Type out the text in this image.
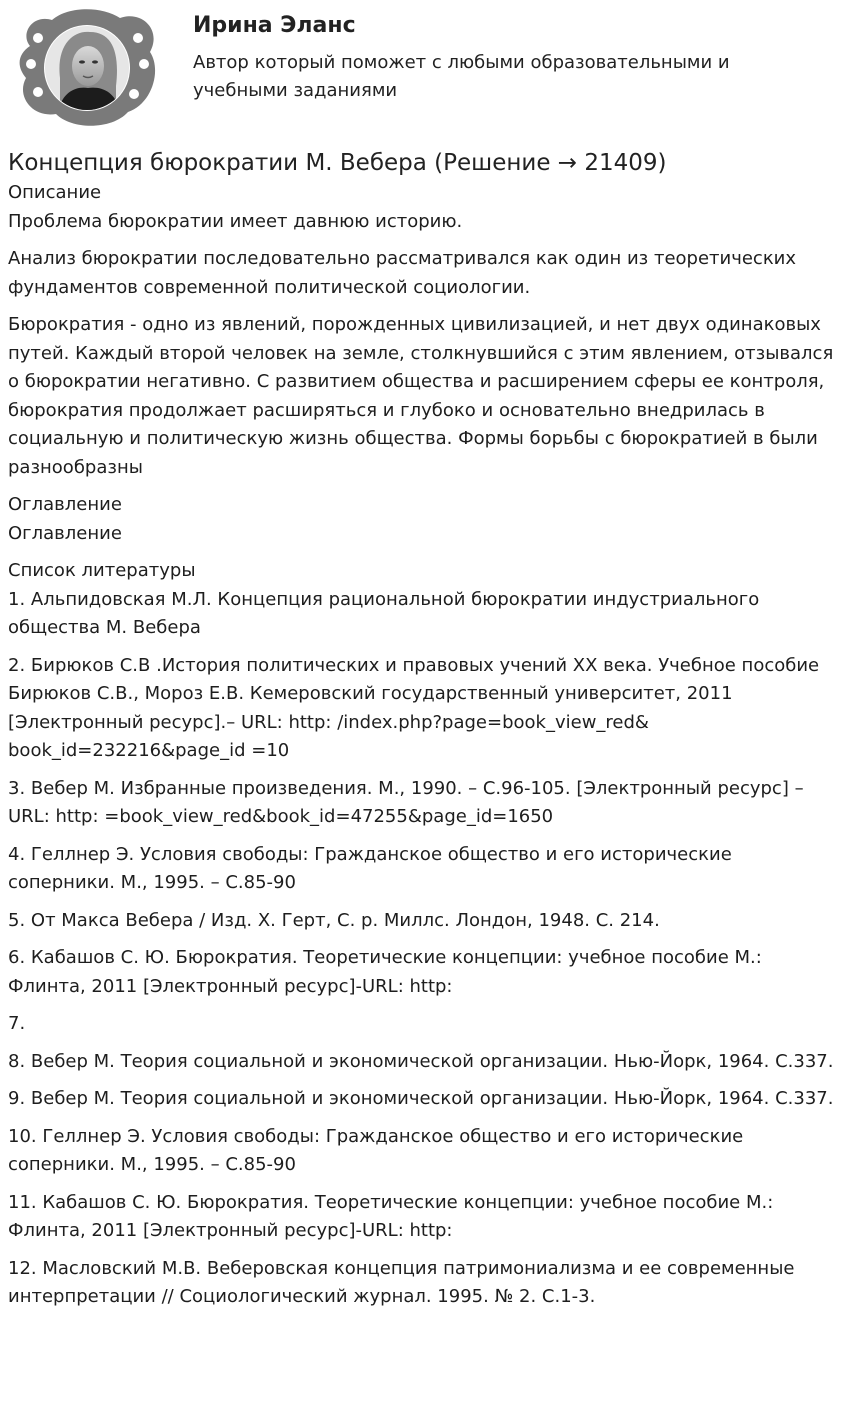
Ирина Эланс
Автор который поможет с любыми образовательными и учебными заданиями
Концепция бюрократии М. Вебера (Решение → 21409)
Описание

Проблема бюрократии имеет давнюю историю.

Анализ бюрократии последовательно рассматривался как один из теоретических фундаментов современной политической социологии.

Бюрократия - одно из явлений, порожденных цивилизацией, и нет двух одинаковых путей. Каждый второй человек на земле, столкнувшийся с этим явлением, отзывался о бюрократии негативно. С развитием общества и расширением сферы ее контроля, бюрократия продолжает расширяться и глубоко и основательно внедрилась в социальную и политическую жизнь общества. Формы борьбы с бюрократией в были разнообразны

Оглавление

Оглавление

Список литературы
1. Альпидовская М.Л. Концепция рациональной бюрократии индустриального общества М. Вебера
2. Бирюков С.В .История политических и правовых учений XX века. Учебное пособие Бирюков С.В., Мороз Е.В. Кемеровский государственный университет, 2011 [Электронный ресурс].– URL: http: /index.php?page=book_view_red& book_id=232216&page_id =10
3. Вебер М. Избранные произведения. М., 1990. – С.96-105. [Электронный ресурс] – URL: http: =book_view_red&book_id=47255&page_id=1650
4. Геллнер Э. Условия свободы: Гражданское общество и его исторические соперники. М., 1995. – С.85-90
5. От Макса Вебера / Изд. Х. Герт, С. р. Миллс. Лондон, 1948. С. 214.
6. Кабашов С. Ю. Бюрократия. Теоретические концепции: учебное пособие М.: Флинта, 2011 [Электронный ресурс]-URL: http:
7.
8. Вебер М. Теория социальной и экономической организации. Нью-Йорк, 1964. С.337.
9. Вебер М. Теория социальной и экономической организации. Нью-Йорк, 1964. С.337.
10. Геллнер Э. Условия свободы: Гражданское общество и его исторические соперники. М., 1995. – С.85-90
11. Кабашов С. Ю. Бюрократия. Теоретические концепции: учебное пособие М.: Флинта, 2011 [Электронный ресурс]-URL: http:
12. Масловский М.В. Веберовская концепция патримониализма и ее современные интерпретации // Социологический журнал. 1995. № 2. С.1-3.
